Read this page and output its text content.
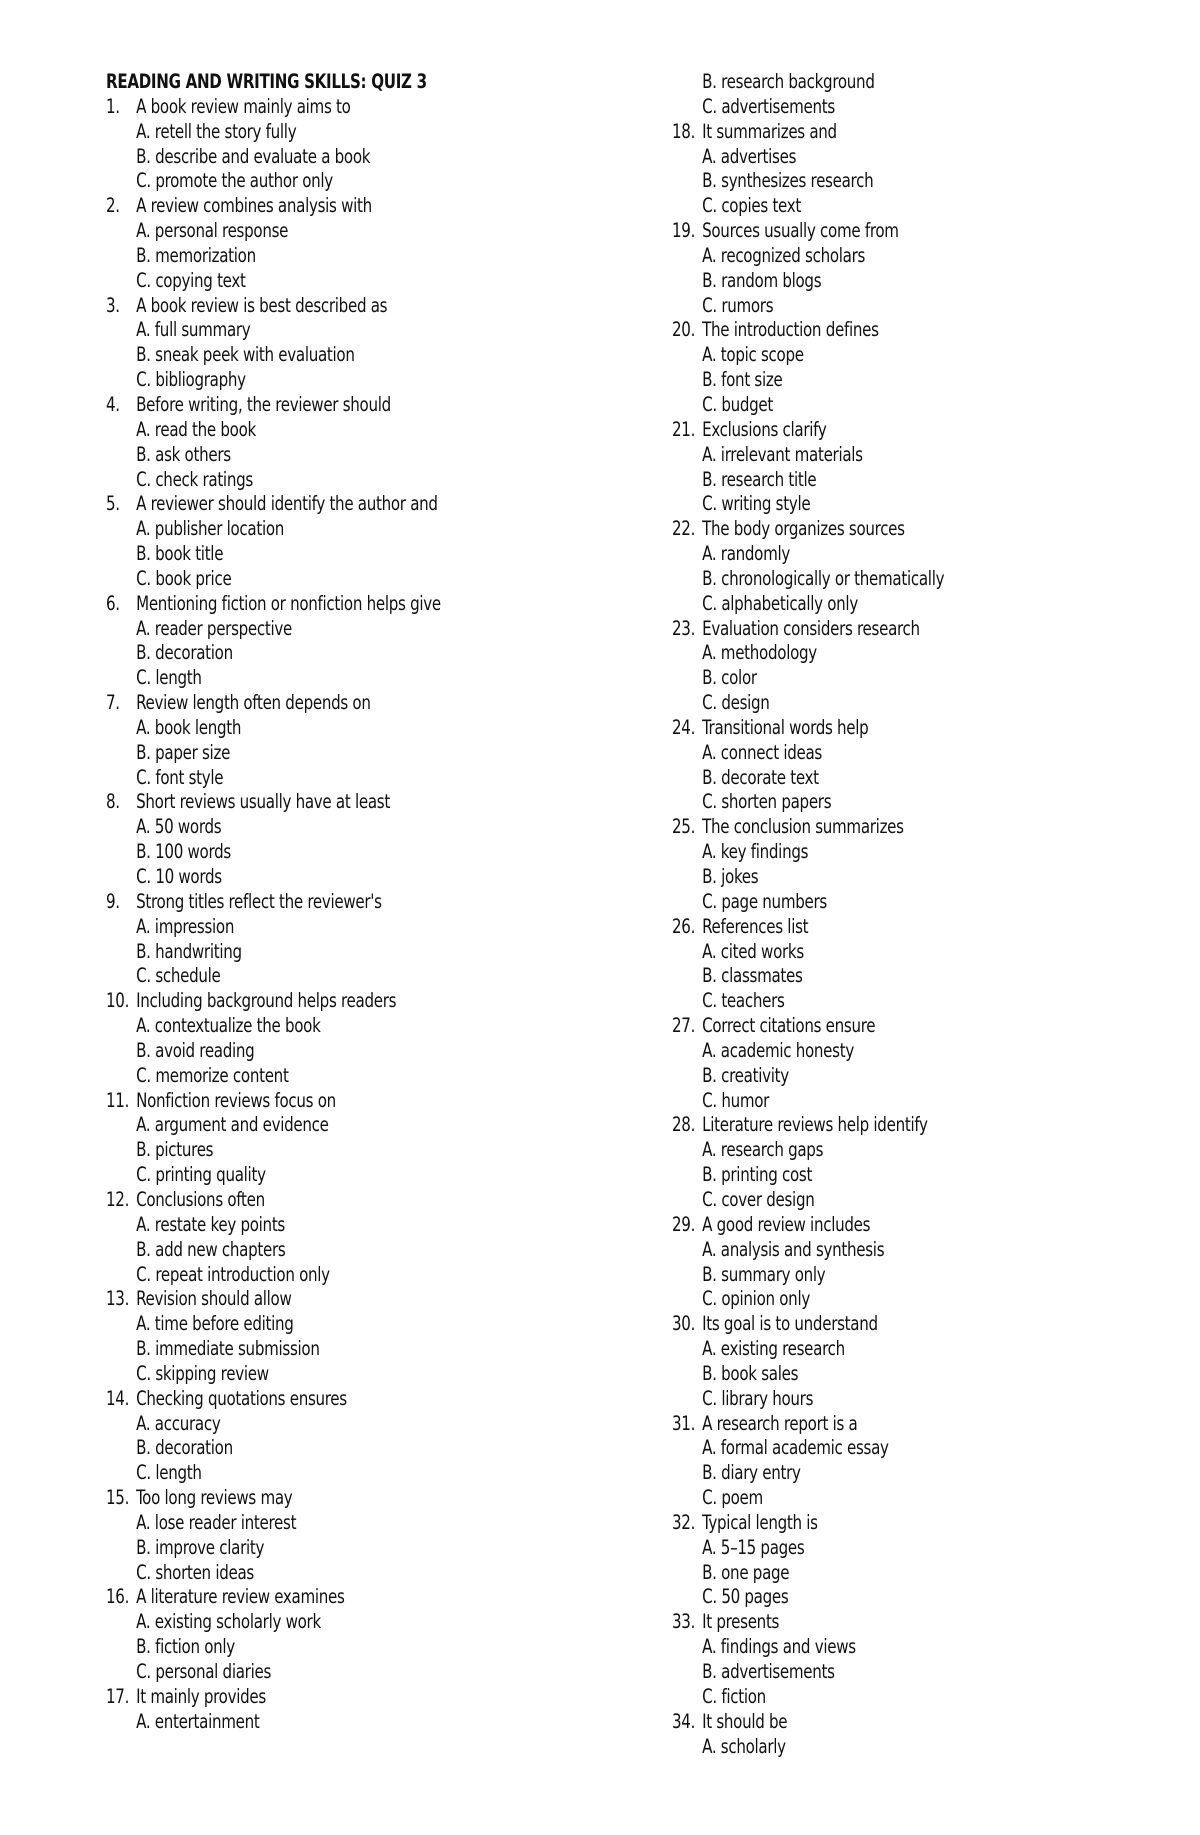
READING AND WRITING SKILLS: QUIZ 3
1. A book review mainly aims to
A. retell the story fully
B. describe and evaluate a book
C. promote the author only
2. A review combines analysis with
A. personal response
B. memorization
C. copying text
3. A book review is best described as
A. full summary
B. sneak peek with evaluation
C. bibliography
4. Before writing, the reviewer should
A. read the book
B. ask others
C. check ratings
5. A reviewer should identify the author and
A. publisher location
B. book title
C. book price
6. Mentioning fiction or nonfiction helps give
A. reader perspective
B. decoration
C. length
7. Review length often depends on
A. book length
B. paper size
C. font style
8. Short reviews usually have at least
A. 50 words
B. 100 words
C. 10 words
9. Strong titles reflect the reviewer's
A. impression
B. handwriting
C. schedule
10. Including background helps readers
A. contextualize the book
B. avoid reading
C. memorize content
11. Nonfiction reviews focus on
A. argument and evidence
B. pictures
C. printing quality
12. Conclusions often
A. restate key points
B. add new chapters
C. repeat introduction only
13. Revision should allow
A. time before editing
B. immediate submission
C. skipping review
14. Checking quotations ensures
A. accuracy
B. decoration
C. length
15. Too long reviews may
A. lose reader interest
B. improve clarity
C. shorten ideas
16. A literature review examines
A. existing scholarly work
B. fiction only
C. personal diaries
17. It mainly provides
A. entertainment
B. research background
C. advertisements
18. It summarizes and
A. advertises
B. synthesizes research
C. copies text
19. Sources usually come from
A. recognized scholars
B. random blogs
C. rumors
20. The introduction defines
A. topic scope
B. font size
C. budget
21. Exclusions clarify
A. irrelevant materials
B. research title
C. writing style
22. The body organizes sources
A. randomly
B. chronologically or thematically
C. alphabetically only
23. Evaluation considers research
A. methodology
B. color
C. design
24. Transitional words help
A. connect ideas
B. decorate text
C. shorten papers
25. The conclusion summarizes
A. key findings
B. jokes
C. page numbers
26. References list
A. cited works
B. classmates
C. teachers
27. Correct citations ensure
A. academic honesty
B. creativity
C. humor
28. Literature reviews help identify
A. research gaps
B. printing cost
C. cover design
29. A good review includes
A. analysis and synthesis
B. summary only
C. opinion only
30. Its goal is to understand
A. existing research
B. book sales
C. library hours
31. A research report is a
A. formal academic essay
B. diary entry
C. poem
32. Typical length is
A. 5–15 pages
B. one page
C. 50 pages
33. It presents
A. findings and views
B. advertisements
C. fiction
34. It should be
A. scholarly
